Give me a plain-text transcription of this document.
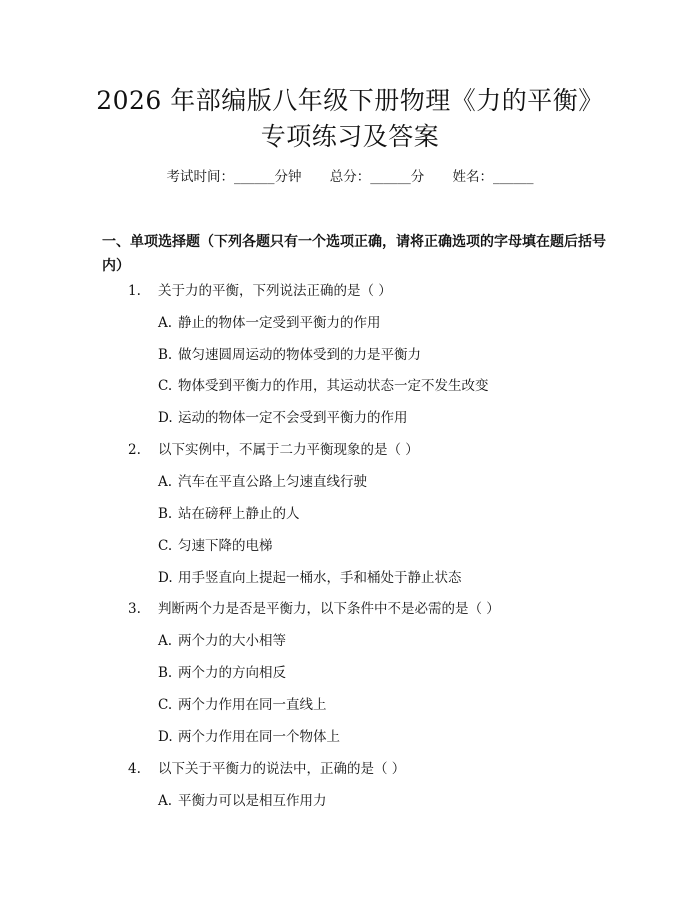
2026 年部编版八年级下册物理《力的平衡》
专项练习及答案
考试时间：______分钟 总分：______分 姓名：______
一、单项选择题（下列各题只有一个选项正确，请将正确选项的字母填在题后括号内）
1. 关于力的平衡，下列说法正确的是（ ）
A. 静止的物体一定受到平衡力的作用
B. 做匀速圆周运动的物体受到的力是平衡力
C. 物体受到平衡力的作用，其运动状态一定不发生改变
D. 运动的物体一定不会受到平衡力的作用
2. 以下实例中，不属于二力平衡现象的是（ ）
A. 汽车在平直公路上匀速直线行驶
B. 站在磅秤上静止的人
C. 匀速下降的电梯
D. 用手竖直向上提起一桶水，手和桶处于静止状态
3. 判断两个力是否是平衡力，以下条件中不是必需的是（ ）
A. 两个力的大小相等
B. 两个力的方向相反
C. 两个力作用在同一直线上
D. 两个力作用在同一个物体上
4. 以下关于平衡力的说法中，正确的是（ ）
A. 平衡力可以是相互作用力
